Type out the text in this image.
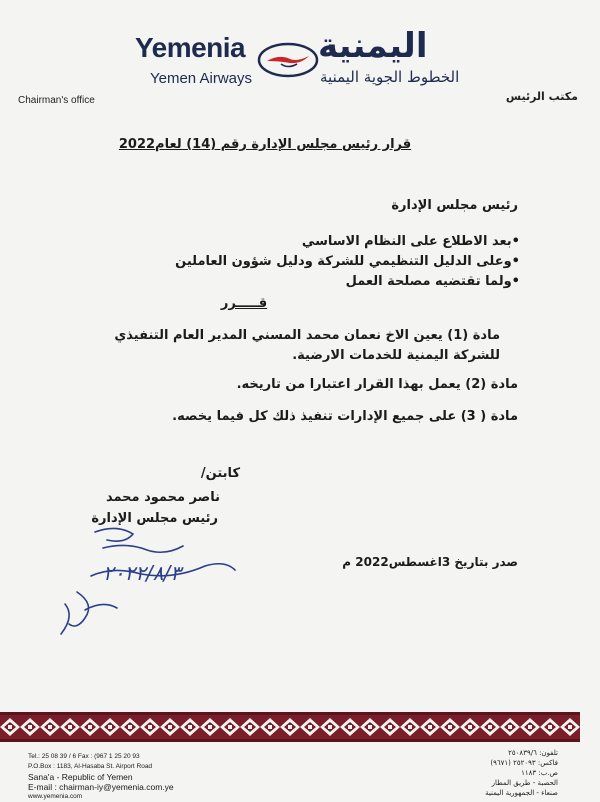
Yemenia
Yemen Airways
اليمنية
الخطوط الجوية اليمنية
Chairman's office	مكتب الرئيس
قرار رئيس مجلس الإدارة رقم (14) لعام2022
رئيس مجلس الإدارة
•بعد الاطلاع على النظام الاساسي
•وعلى الدليل التنظيمي للشركة ودليل شؤون العاملين
•ولما تقتضيه مصلحة العمل
قـــــرر
مادة (1) يعين الاخ نعمان محمد المسني المدير العام التنفيذي للشركة اليمنية للخدمات الارضية.
مادة (2) يعمل بهذا القرار اعتبارا من تاريخه.
مادة ( 3) على جميع الإدارات تنفيذ ذلك كل فيما يخصه.
كابتن/
ناصر محمود محمد
رئيس مجلس الإدارة
٢٠٢٢/٨/٣	صدر بتاريخ 3اغسطس2022 م
Tel.: 25 08 39 / 6 Fax : (967 1 25 20 93
P.O.Box : 1183, Al-Hasaba St. Airport Road
Sana'a - Republic of Yemen
E-mail : chairman-iy@yemenia.com.ye
www.yemenia.com
تلفون: ٢٥٠٨٣٩/٦
فاكس: ٢٥٢٠٩٣ (٩٦٧١)
ص.ب: ١١٨٣
الحصبة - طريق المطار
صنعاء - الجمهورية اليمنية
